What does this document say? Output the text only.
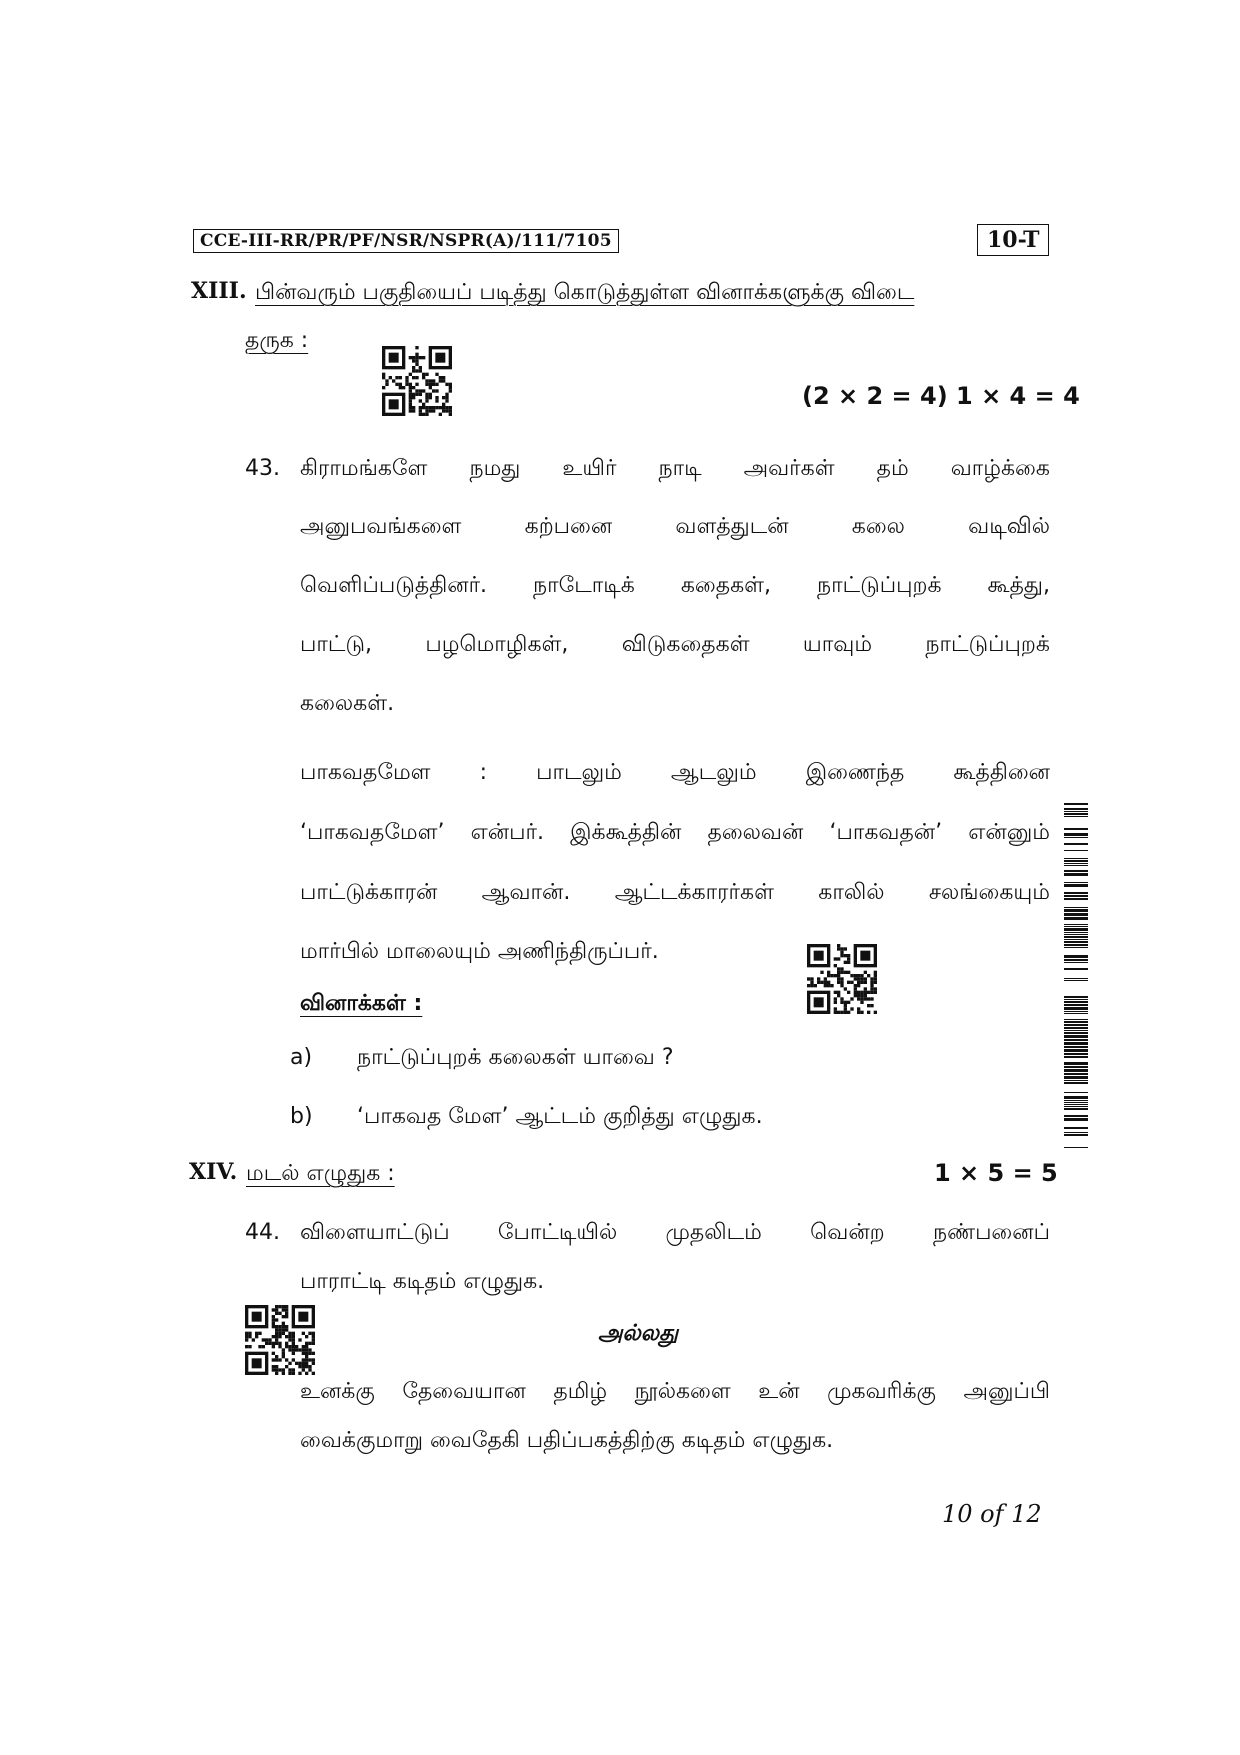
CCE-III-RR/PR/PF/NSR/NSPR(A)/111/7105	10-T
XIII. பின்வரும் பகுதியைப் படித்து கொடுத்துள்ள வினாக்களுக்கு விடை
தருக :
(2 × 2 = 4) 1 × 4 = 4
43. கிராமங்களே நமது உயிர் நாடி அவர்கள் தம் வாழ்க்கை
அனுபவங்களை	கற்பனை	வளத்துடன்	கலை	வடிவில்
வெளிப்படுத்தினர். நாடோடிக் கதைகள், நாட்டுப்புறக் கூத்து,
பாட்டு, பழமொழிகள், விடுகதைகள் யாவும் நாட்டுப்புறக்
கலைகள்.
பாகவதமேள : பாடலும் ஆடலும் இணைந்த கூத்தினை
‘பாகவதமேள’ என்பர். இக்கூத்தின் தலைவன் ‘பாகவதன்’ என்னும்
பாட்டுக்காரன் ஆவான். ஆட்டக்காரர்கள் காலில் சலங்கையும்
மார்பில் மாலையும் அணிந்திருப்பர்.
வினாக்கள் :
a) நாட்டுப்புறக் கலைகள் யாவை ?
b) ‘பாகவத மேள’ ஆட்டம் குறித்து எழுதுக.
XIV. மடல் எழுதுக :	1 × 5 = 5
44. விளையாட்டுப் போட்டியில் முதலிடம் வென்ற நண்பனைப்
பாராட்டி கடிதம் எழுதுக.
அல்லது
உனக்கு தேவையான தமிழ் நூல்களை உன் முகவரிக்கு அனுப்பி
வைக்குமாறு வைதேகி பதிப்பகத்திற்கு கடிதம் எழுதுக.
10 of 12
